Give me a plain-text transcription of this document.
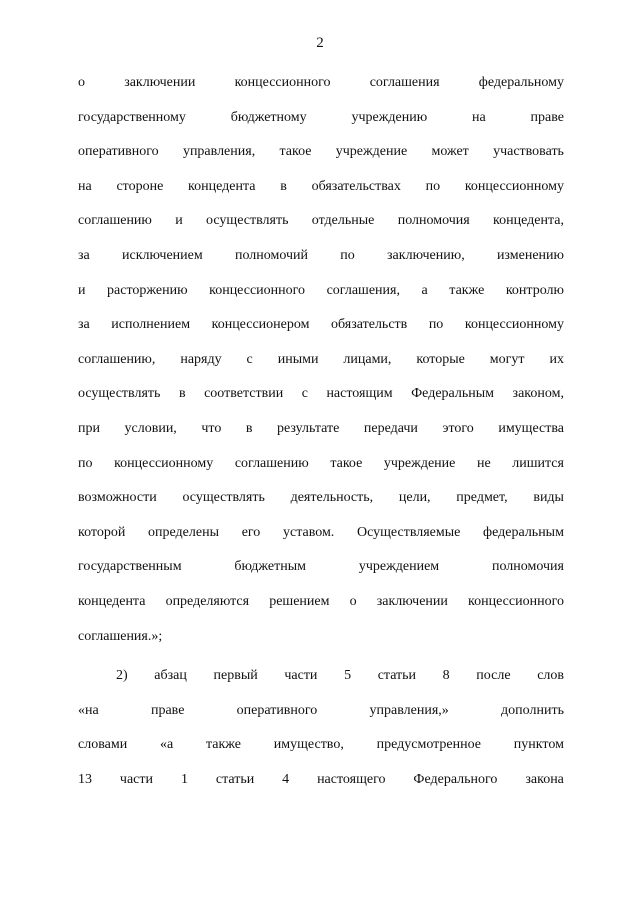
2
о	заключении	концессионного	соглашения	федеральному
государственному	бюджетному	учреждению	на	праве
оперативного управления, такое учреждение может участвовать
на стороне концедента в обязательствах по концессионному
соглашению и осуществлять отдельные полномочия концедента,
за исключением полномочий по заключению, изменению
и расторжению концессионного соглашения, а также контролю
за исполнением концессионером обязательств по концессионному
соглашению, наряду с иными лицами, которые могут их
осуществлять в соответствии с настоящим Федеральным законом,
при условии, что в результате передачи этого имущества
по концессионному соглашению такое учреждение не лишится
возможности осуществлять деятельность, цели, предмет, виды
которой определены его уставом. Осуществляемые федеральным
государственным	бюджетным	учреждением	полномочия
концедента определяются решением о заключении концессионного
соглашения.»;
2) абзац первый части 5 статьи 8 после слов
«на	праве	оперативного	управления,»	дополнить
словами «а также имущество, предусмотренное пунктом
13 части 1 статьи 4 настоящего Федерального закона
